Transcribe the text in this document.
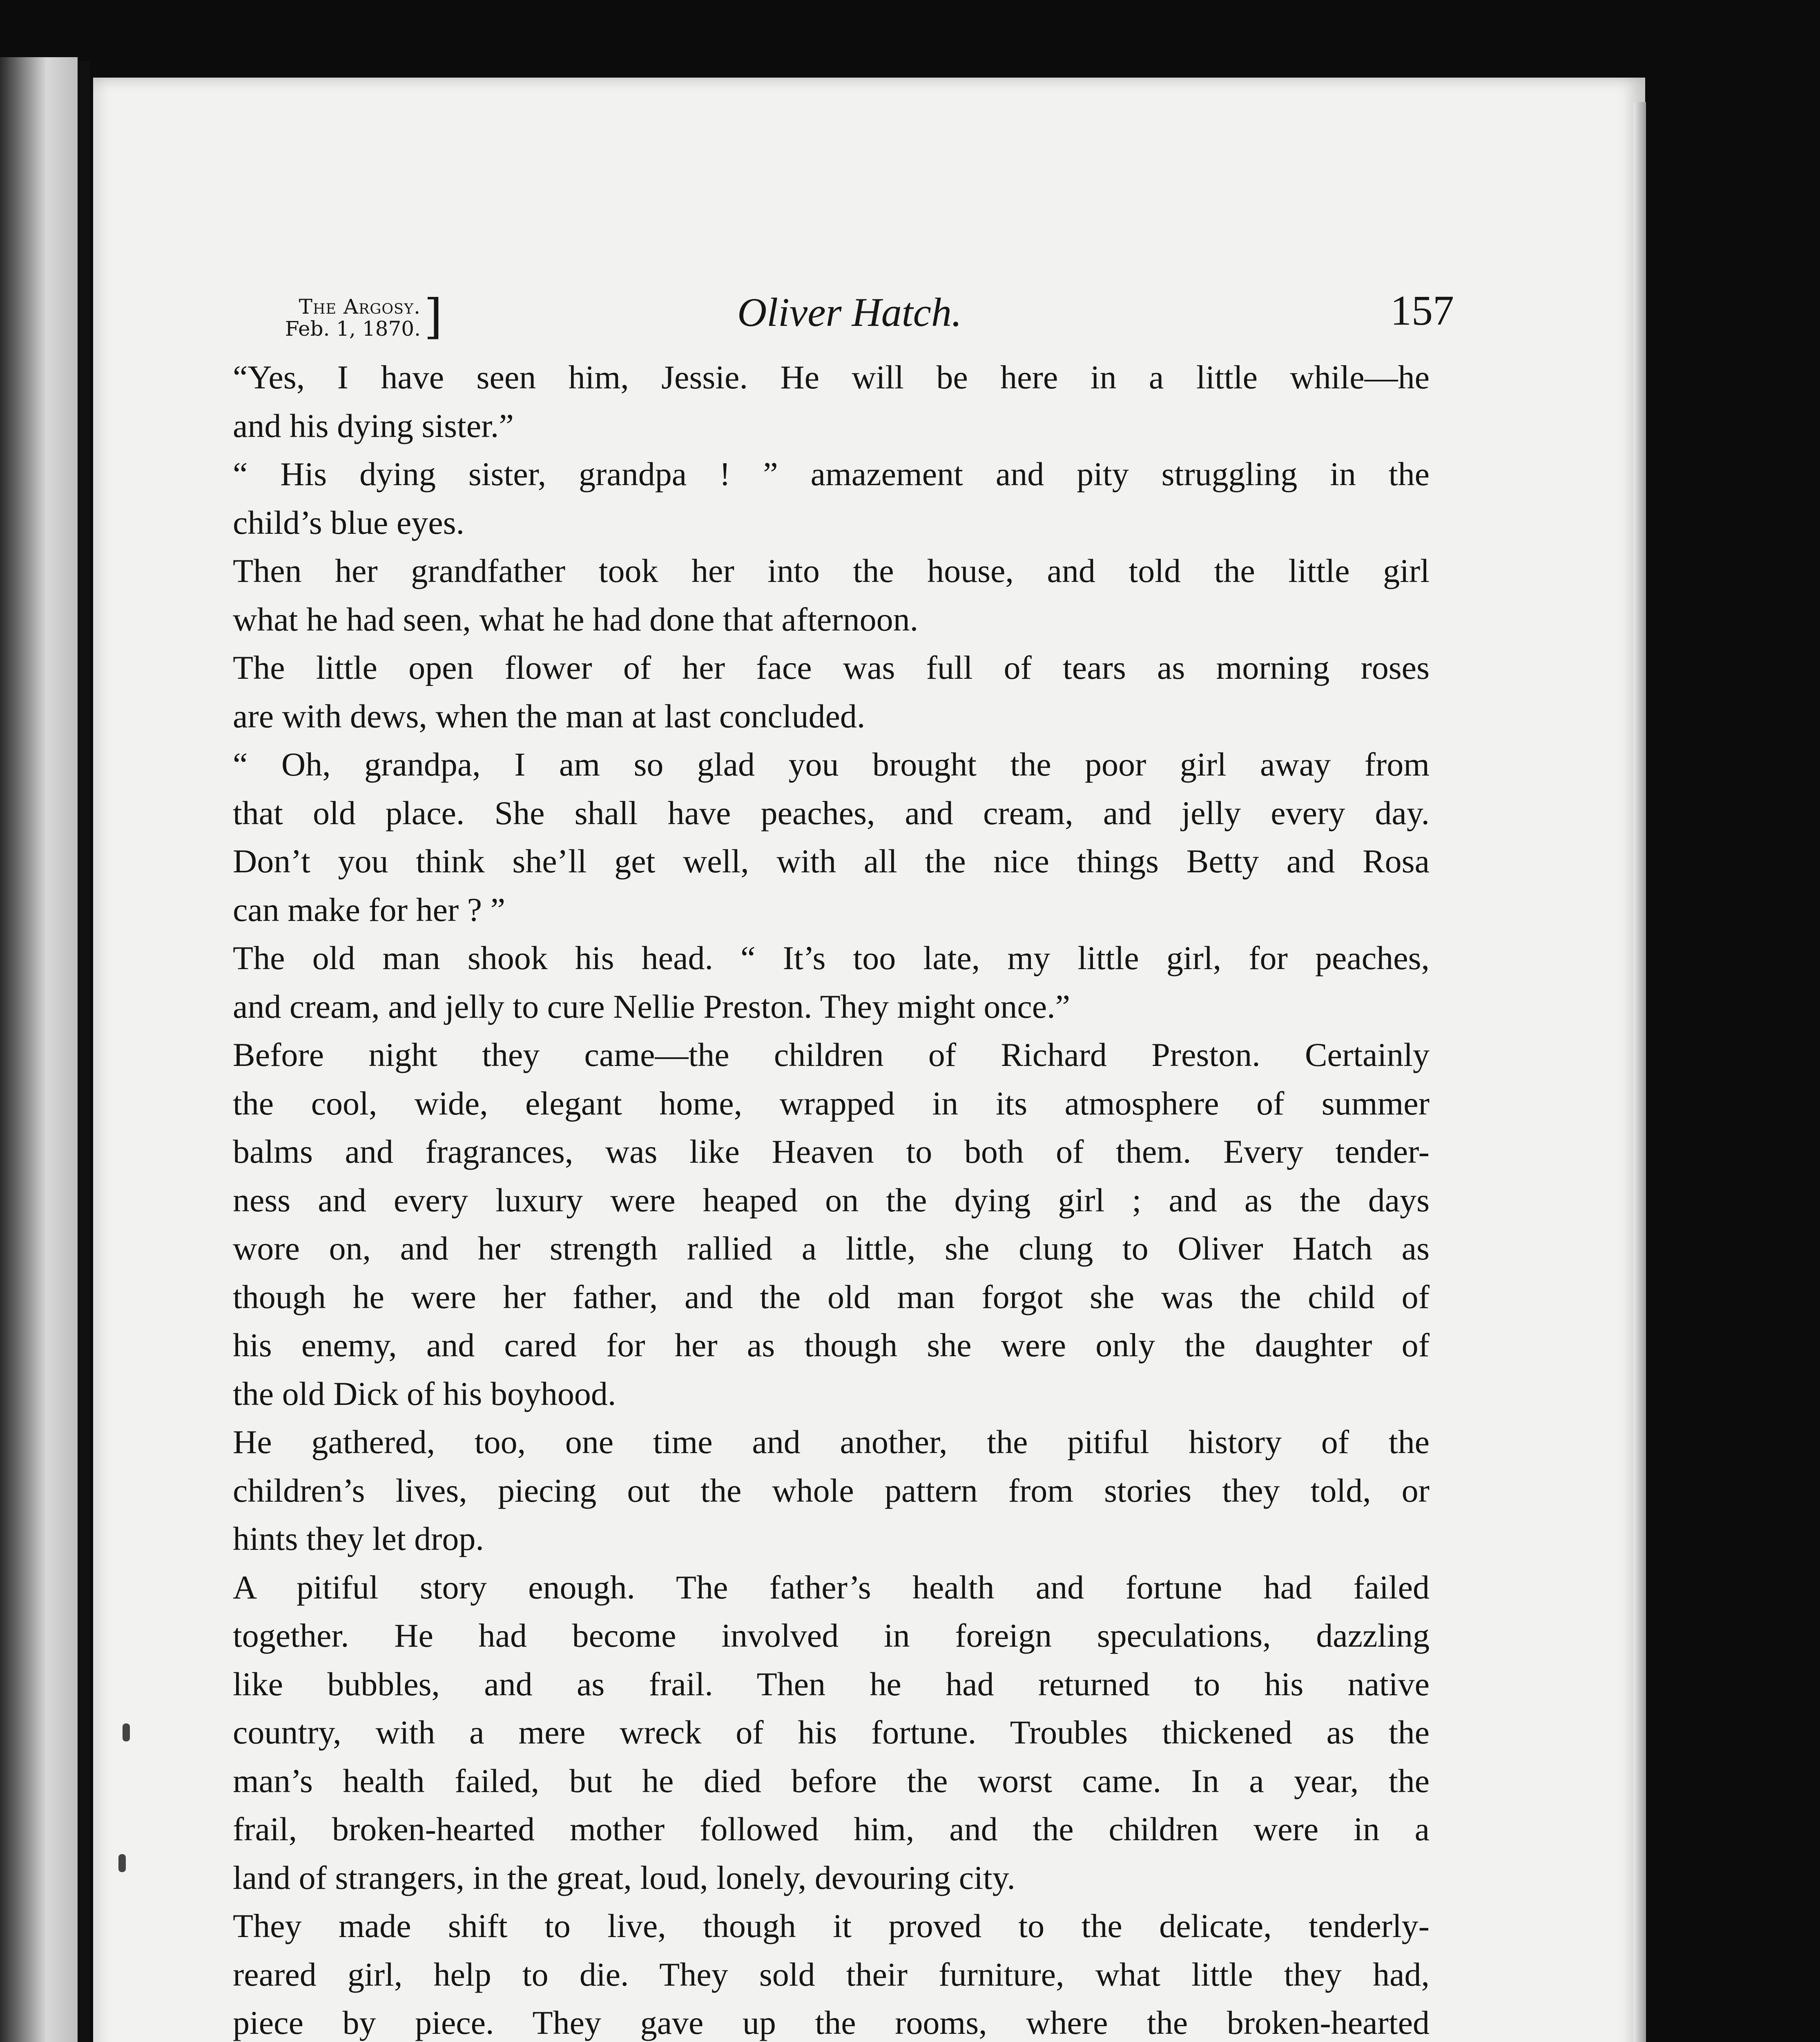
The Argosy.
Feb. 1, 1870. ]	Oliver Hatch.	157
“Yes, I have seen him, Jessie. He will be here in a little while—he
and his dying sister.”
“ His dying sister, grandpa ! ” amazement and pity struggling in the
child’s blue eyes.
Then her grandfather took her into the house, and told the little girl
what he had seen, what he had done that afternoon.
The little open flower of her face was full of tears as morning roses
are with dews, when the man at last concluded.
“ Oh, grandpa, I am so glad you brought the poor girl away from
that old place. She shall have peaches, and cream, and jelly every day.
Don’t you think she’ll get well, with all the nice things Betty and Rosa
can make for her ? ”
The old man shook his head. “ It’s too late, my little girl, for peaches,
and cream, and jelly to cure Nellie Preston. They might once.”
Before night they came—the children of Richard Preston. Certainly
the cool, wide, elegant home, wrapped in its atmosphere of summer
balms and fragrances, was like Heaven to both of them. Every tender-
ness and every luxury were heaped on the dying girl ; and as the days
wore on, and her strength rallied a little, she clung to Oliver Hatch as
though he were her father, and the old man forgot she was the child of
his enemy, and cared for her as though she were only the daughter of
the old Dick of his boyhood.
He gathered, too, one time and another, the pitiful history of the
children’s lives, piecing out the whole pattern from stories they told, or
hints they let drop.
A pitiful story enough. The father’s health and fortune had failed
together. He had become involved in foreign speculations, dazzling
like bubbles, and as frail. Then he had returned to his native
country, with a mere wreck of his fortune. Troubles thickened as the
man’s health failed, but he died before the worst came. In a year, the
frail, broken-hearted mother followed him, and the children were in a
land of strangers, in the great, loud, lonely, devouring city.
They made shift to live, though it proved to the delicate, tenderly-
reared girl, help to die. They sold their furniture, what little they had,
piece by piece. They gave up the rooms, where the broken-hearted
